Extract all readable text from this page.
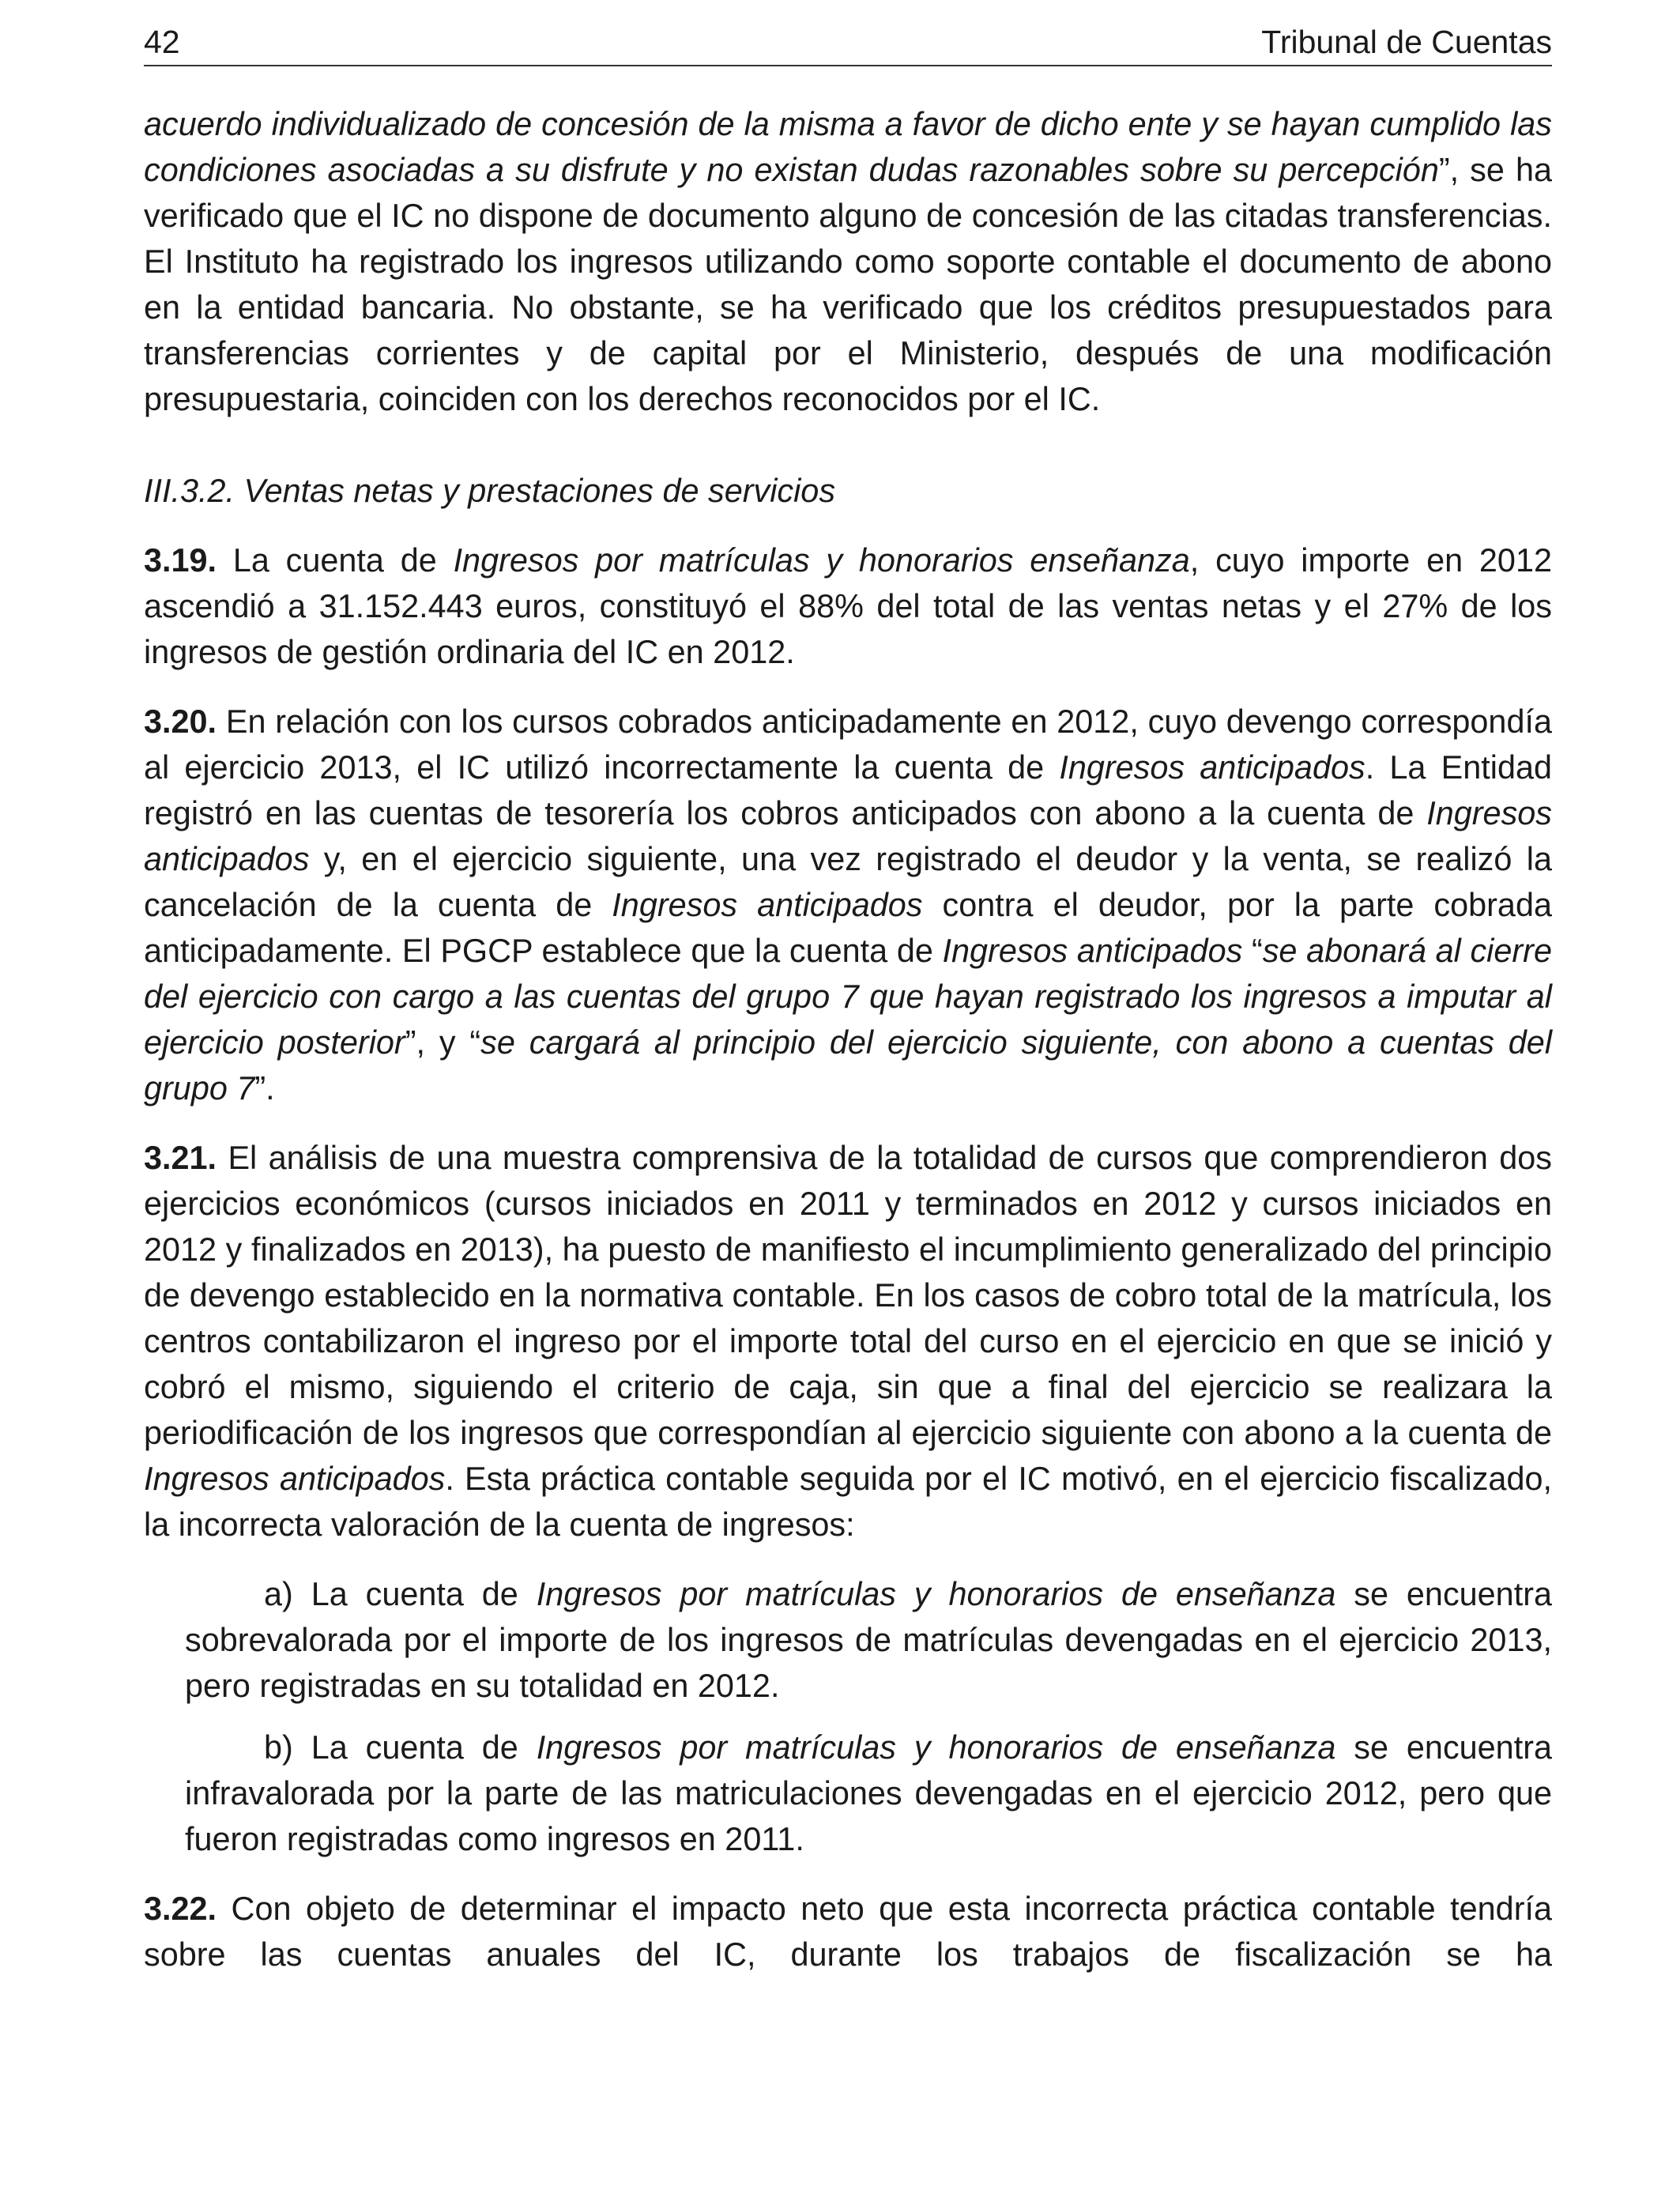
42	Tribunal de Cuentas

acuerdo individualizado de concesión de la misma a favor de dicho ente y se hayan cumplido las condiciones asociadas a su disfrute y no existan dudas razonables sobre su percepción”, se ha verificado que el IC no dispone de documento alguno de concesión de las citadas transferencias. El Instituto ha registrado los ingresos utilizando como soporte contable el documento de abono en la entidad bancaria. No obstante, se ha verificado que los créditos presupuestados para transferencias corrientes y de capital por el Ministerio, después de una modificación presupuestaria, coinciden con los derechos reconocidos por el IC.

III.3.2. Ventas netas y prestaciones de servicios

3.19. La cuenta de Ingresos por matrículas y honorarios enseñanza, cuyo importe en 2012 ascendió a 31.152.443 euros, constituyó el 88% del total de las ventas netas y el 27% de los ingresos de gestión ordinaria del IC en 2012.

3.20. En relación con los cursos cobrados anticipadamente en 2012, cuyo devengo correspondía al ejercicio 2013, el IC utilizó incorrectamente la cuenta de Ingresos anticipados. La Entidad registró en las cuentas de tesorería los cobros anticipados con abono a la cuenta de Ingresos anticipados y, en el ejercicio siguiente, una vez registrado el deudor y la venta, se realizó la cancelación de la cuenta de Ingresos anticipados contra el deudor, por la parte cobrada anticipadamente. El PGCP establece que la cuenta de Ingresos anticipados “se abonará al cierre del ejercicio con cargo a las cuentas del grupo 7 que hayan registrado los ingresos a imputar al ejercicio posterior”, y “se cargará al principio del ejercicio siguiente, con abono a cuentas del grupo 7”.

3.21. El análisis de una muestra comprensiva de la totalidad de cursos que comprendieron dos ejercicios económicos (cursos iniciados en 2011 y terminados en 2012 y cursos iniciados en 2012 y finalizados en 2013), ha puesto de manifiesto el incumplimiento generalizado del principio de devengo establecido en la normativa contable. En los casos de cobro total de la matrícula, los centros contabilizaron el ingreso por el importe total del curso en el ejercicio en que se inició y cobró el mismo, siguiendo el criterio de caja, sin que a final del ejercicio se realizara la periodificación de los ingresos que correspondían al ejercicio siguiente con abono a la cuenta de Ingresos anticipados. Esta práctica contable seguida por el IC motivó, en el ejercicio fiscalizado, la incorrecta valoración de la cuenta de ingresos:

a) La cuenta de Ingresos por matrículas y honorarios de enseñanza se encuentra sobrevalorada por el importe de los ingresos de matrículas devengadas en el ejercicio 2013, pero registradas en su totalidad en 2012.

b) La cuenta de Ingresos por matrículas y honorarios de enseñanza se encuentra infravalorada por la parte de las matriculaciones devengadas en el ejercicio 2012, pero que fueron registradas como ingresos en 2011.

3.22. Con objeto de determinar el impacto neto que esta incorrecta práctica contable tendría sobre las cuentas anuales del IC, durante los trabajos de fiscalización se ha
